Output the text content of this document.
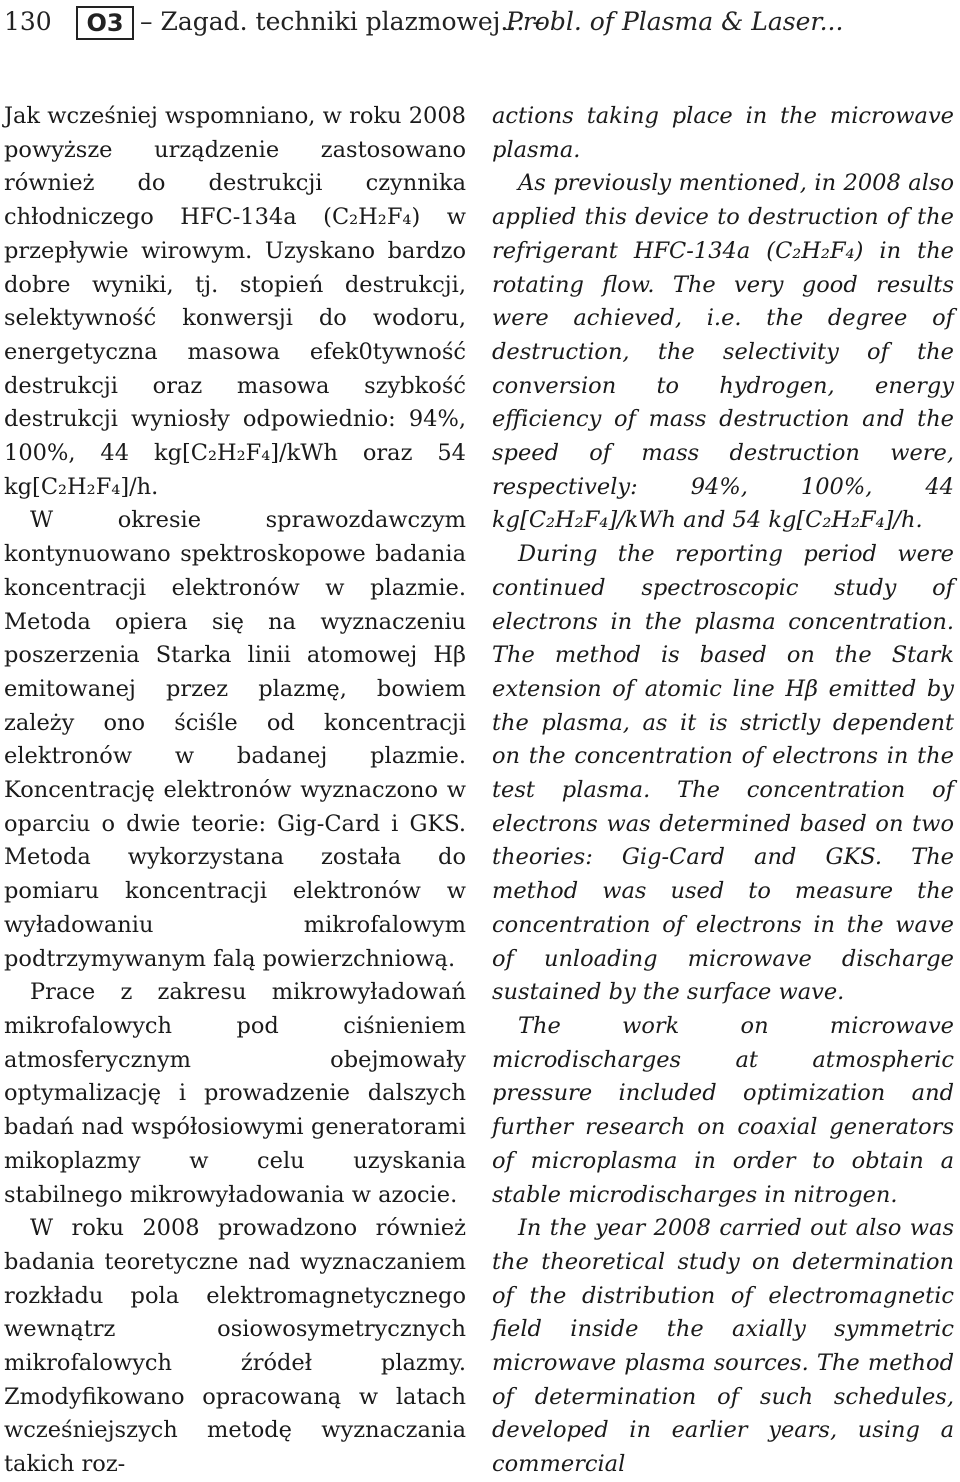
130	O3 – Zagad. techniki plazmowej... –
Probl. of Plasma & Laser...

Jak wcześniej wspomniano, w roku 2008 powyższe urządzenie zastosowano również do destrukcji czynnika chłodniczego HFC-134a (C₂H₂F₄) w przepływie wirowym. Uzyskano bardzo dobre wyniki, tj. stopień destrukcji, selektywność konwersji do wodoru, energetyczna masowa efek0tywność destrukcji oraz masowa szybkość destrukcji wyniosły odpowiednio: 94%, 100%, 44 kg[C₂H₂F₄]/kWh oraz 54 kg[C₂H₂F₄]/h.

W okresie sprawozdawczym kontynuowano spektroskopowe badania koncentracji elektronów w plazmie. Metoda opiera się na wyznaczeniu poszerzenia Starka linii atomowej Hβ emitowanej przez plazmę, bowiem zależy ono ściśle od koncentracji elektronów w badanej plazmie. Koncentrację elektronów wyznaczono w oparciu o dwie teorie: Gig-Card i GKS. Metoda wykorzystana została do pomiaru koncentracji elektronów w wyładowaniu mikrofalowym podtrzymywanym falą powierzchniową.

Prace z zakresu mikrowyładowań mikrofalowych pod ciśnieniem atmosferycznym obejmowały optymalizację i prowadzenie dalszych badań nad współosiowymi generatorami mikoplazmy w celu uzyskania stabilnego mikrowyładowania w azocie.

W roku 2008 prowadzono również badania teoretyczne nad wyznaczaniem rozkładu pola elektromagnetycznego wewnątrz osiowosymetrycznych mikrofalowych źródeł plazmy. Zmodyfikowano opracowaną w latach wcześniejszych metodę wyznaczania takich roz-

actions taking place in the microwave plasma.

As previously mentioned, in 2008 also applied this device to destruction of the refrigerant HFC-134a (C₂H₂F₄) in the rotating flow. The very good results were achieved, i.e. the degree of destruction, the selectivity of the conversion to hydrogen, energy efficiency of mass destruction and the speed of mass destruction were, respectively: 94%, 100%, 44 kg[C₂H₂F₄]/kWh and 54 kg[C₂H₂F₄]/h.

During the reporting period were continued spectroscopic study of electrons in the plasma concentration. The method is based on the Stark extension of atomic line Hβ emitted by the plasma, as it is strictly dependent on the concentration of electrons in the test plasma. The concentration of electrons was determined based on two theories: Gig-Card and GKS. The method was used to measure the concentration of electrons in the wave of unloading microwave discharge sustained by the surface wave.

The work on microwave microdischarges at atmospheric pressure included optimization and further research on coaxial generators of microplasma in order to obtain a stable microdischarges in nitrogen.

In the year 2008 carried out also was the theoretical study on determination of the distribution of electromagnetic field inside the axially symmetric microwave plasma sources. The method of determination of such schedules, developed in earlier years, using a commercial
